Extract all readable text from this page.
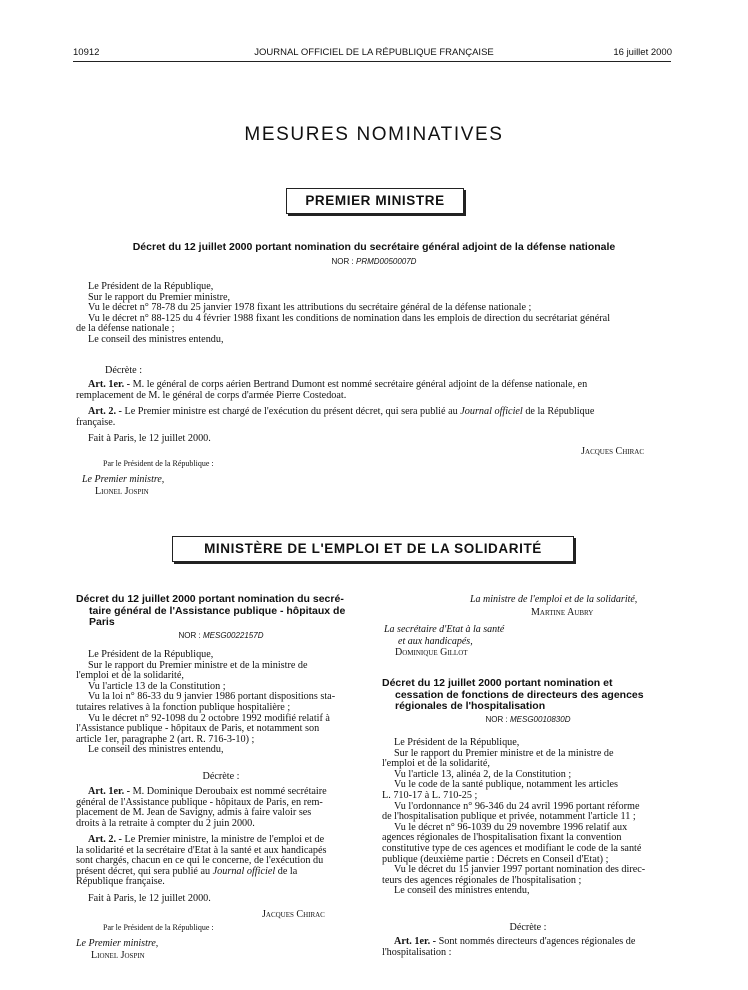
10912	JOURNAL OFFICIEL DE LA RÉPUBLIQUE FRANÇAISE	16 juillet 2000
MESURES NOMINATIVES
PREMIER MINISTRE
Décret du 12 juillet 2000 portant nomination du secrétaire général adjoint de la défense nationale
NOR : PRMD0050007D

Le Président de la République,

Sur le rapport du Premier ministre,

Vu le décret n° 78-78 du 25 janvier 1978 fixant les attributions du secrétaire général de la défense nationale ;

Vu le décret n° 88-125 du 4 février 1988 fixant les conditions de nomination dans les emplois de direction du secrétariat général

de la défense nationale ;

Le conseil des ministres entendu,

Décrète :

Art. 1er. - M. le général de corps aérien Bertrand Dumont est nommé secrétaire général adjoint de la défense nationale, en

remplacement de M. le général de corps d'armée Pierre Costedoat.

Art. 2. - Le Premier ministre est chargé de l'exécution du présent décret, qui sera publié au Journal officiel de la République

française.

Fait à Paris, le 12 juillet 2000.
Jacques Chirac
Par le Président de la République :
Le Premier ministre,
Lionel Jospin
MINISTÈRE DE L'EMPLOI ET DE LA SOLIDARITÉ
Décret du 12 juillet 2000 portant nomination du secré-
taire général de l'Assistance publique - hôpitaux de
Paris
NOR : MESG0022157D

Le Président de la République,

Sur le rapport du Premier ministre et de la ministre de

l'emploi et de la solidarité,

Vu l'article 13 de la Constitution ;

Vu la loi n° 86-33 du 9 janvier 1986 portant dispositions sta-

tutaires relatives à la fonction publique hospitalière ;

Vu le décret n° 92-1098 du 2 octobre 1992 modifié relatif à

l'Assistance publique - hôpitaux de Paris, et notamment son

article 1er, paragraphe 2 (art. R. 716-3-10) ;

Le conseil des ministres entendu,

Décrète :

Art. 1er. - M. Dominique Deroubaix est nommé secrétaire

général de l'Assistance publique - hôpitaux de Paris, en rem-

placement de M. Jean de Savigny, admis à faire valoir ses

droits à la retraite à compter du 2 juin 2000.

Art. 2. - Le Premier ministre, la ministre de l'emploi et de

la solidarité et la secrétaire d'Etat à la santé et aux handicapés

sont chargés, chacun en ce qui le concerne, de l'exécution du

présent décret, qui sera publié au Journal officiel de la

République française.

Fait à Paris, le 12 juillet 2000.
Jacques Chirac
Par le Président de la République :
Le Premier ministre,
Lionel Jospin
La ministre de l'emploi et de la solidarité,
Martine Aubry
La secrétaire d'Etat à la santé
et aux handicapés,
Dominique Gillot
Décret du 12 juillet 2000 portant nomination et
cessation de fonctions de directeurs des agences
régionales de l'hospitalisation
NOR : MESG0010830D

Le Président de la République,

Sur le rapport du Premier ministre et de la ministre de

l'emploi et de la solidarité,

Vu l'article 13, alinéa 2, de la Constitution ;

Vu le code de la santé publique, notamment les articles

L. 710-17 à L. 710-25 ;

Vu l'ordonnance n° 96-346 du 24 avril 1996 portant réforme

de l'hospitalisation publique et privée, notamment l'article 11 ;

Vu le décret n° 96-1039 du 29 novembre 1996 relatif aux

agences régionales de l'hospitalisation fixant la convention

constitutive type de ces agences et modifiant le code de la santé

publique (deuxième partie : Décrets en Conseil d'Etat) ;

Vu le décret du 15 janvier 1997 portant nomination des direc-

teurs des agences régionales de l'hospitalisation ;

Le conseil des ministres entendu,

Décrète :

Art. 1er. - Sont nommés directeurs d'agences régionales de

l'hospitalisation :
